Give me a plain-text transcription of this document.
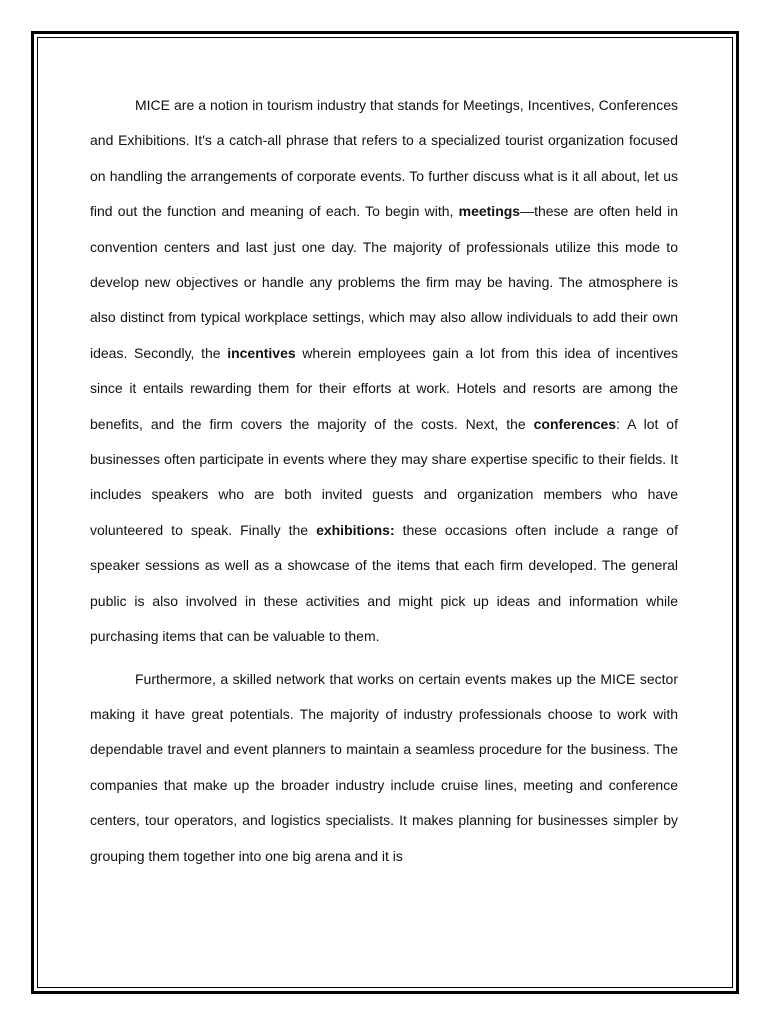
MICE are a notion in tourism industry that stands for Meetings, Incentives, Conferences and Exhibitions. It's a catch-all phrase that refers to a specialized tourist organization focused on handling the arrangements of corporate events. To further discuss what is it all about, let us find out the function and meaning of each. To begin with, meetings—these are often held in convention centers and last just one day. The majority of professionals utilize this mode to develop new objectives or handle any problems the firm may be having. The atmosphere is also distinct from typical workplace settings, which may also allow individuals to add their own ideas. Secondly, the incentives wherein employees gain a lot from this idea of incentives since it entails rewarding them for their efforts at work. Hotels and resorts are among the benefits, and the firm covers the majority of the costs. Next, the conferences: A lot of businesses often participate in events where they may share expertise specific to their fields. It includes speakers who are both invited guests and organization members who have volunteered to speak. Finally the exhibitions: these occasions often include a range of speaker sessions as well as a showcase of the items that each firm developed. The general public is also involved in these activities and might pick up ideas and information while purchasing items that can be valuable to them.

Furthermore, a skilled network that works on certain events makes up the MICE sector making it have great potentials. The majority of industry professionals choose to work with dependable travel and event planners to maintain a seamless procedure for the business. The companies that make up the broader industry include cruise lines, meeting and conference centers, tour operators, and logistics specialists. It makes planning for businesses simpler by grouping them together into one big arena and it is
